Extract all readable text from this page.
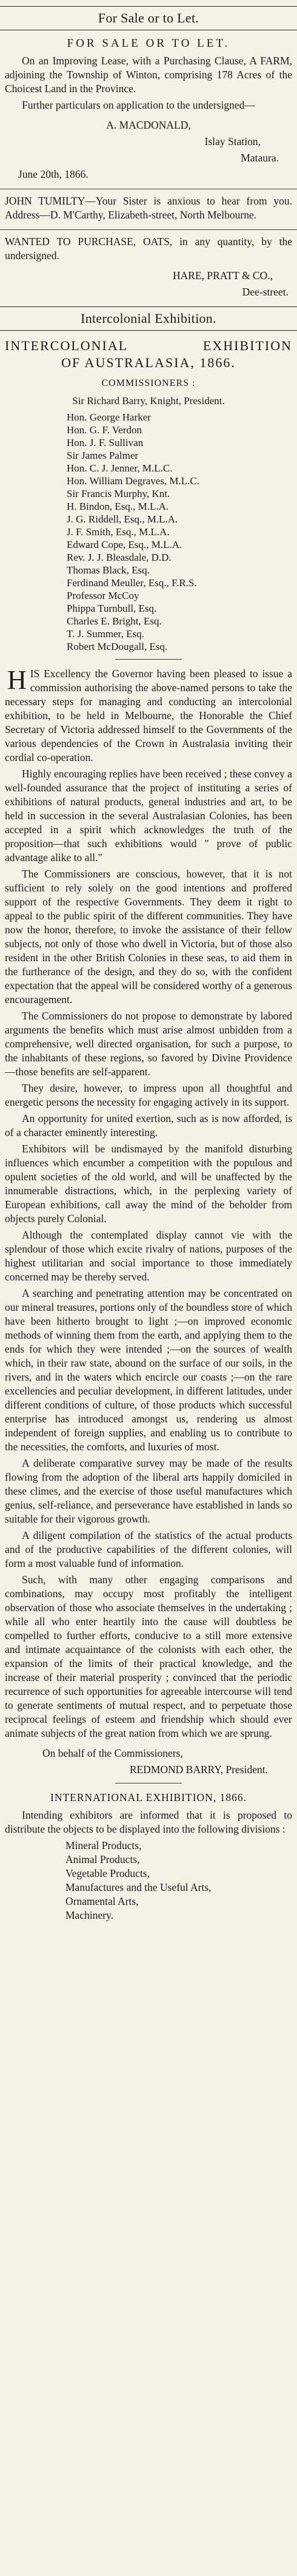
For Sale or to Let.

FOR SALE OR TO LET.

On an Improving Lease, with a Purchasing Clause, A FARM, adjoining the Township of Winton, comprising 178 Acres of the Choicest Land in the Province.

Further particulars on application to the undersigned—

A. MACDONALD,

Islay Station,

Mataura.

June 20th, 1866.

JOHN TUMILTY—Your Sister is anxious to hear from you. Address—D. M'Carthy, Elizabeth-street, North Melbourne.

WANTED TO PURCHASE, OATS, in any quantity, by the undersigned.

HARE, PRATT & CO.,

Dee-street.

Intercolonial Exhibition.
INTERCOLONIAL EXHIBITION
OF AUSTRALASIA, 1866.
COMMISSIONERS :
Sir Richard Barry, Knight, President.
Hon. George Harker
Hon. G. F. Verdon
Hon. J. F. Sullivan
Sir James Palmer
Hon. C. J. Jenner, M.L.C.
Hon. William Degraves, M.L.C.
Sir Francis Murphy, Knt.
H. Bindon, Esq., M.L.A.
J. G. Riddell, Esq., M.L.A.
J. F. Smith, Esq., M.L.A.
Edward Cope, Esq., M.L.A.
Rev. J. J. Bleasdale, D.D.
Thomas Black, Esq.
Ferdinand Meuller, Esq., F.R.S.
Professor McCoy
Phippa Turnbull, Esq.
Charles E. Bright, Esq.
T. J. Summer, Esq.
Robert McDougall, Esq.

HIS Excellency the Governor having been pleased to issue a commission authorising the above-named persons to take the necessary steps for managing and conducting an intercolonial exhibition, to be held in Melbourne, the Honorable the Chief Secretary of Victoria addressed himself to the Governments of the various dependencies of the Crown in Australasia inviting their cordial co-operation.

Highly encouraging replies have been received ; these convey a well-founded assurance that the project of instituting a series of exhibitions of natural products, general industries and art, to be held in succession in the several Australasian Colonies, has been accepted in a spirit which acknowledges the truth of the proposition—that such exhibitions would " prove of public advantage alike to all."

The Commissioners are conscious, however, that it is not sufficient to rely solely on the good intentions and proffered support of the respective Governments. They deem it right to appeal to the public spirit of the different communities. They have now the honor, therefore, to invoke the assistance of their fellow subjects, not only of those who dwell in Victoria, but of those also resident in the other British Colonies in these seas, to aid them in the furtherance of the design, and they do so, with the confident expectation that the appeal will be considered worthy of a generous encouragement.

The Commissioners do not propose to demonstrate by labored arguments the benefits which must arise almost unbidden from a comprehensive, well directed organisation, for such a purpose, to the inhabitants of these regions, so favored by Divine Providence—those benefits are self-apparent.

They desire, however, to impress upon all thoughtful and energetic persons the necessity for engaging actively in its support.

An opportunity for united exertion, such as is now afforded, is of a character eminently interesting.

Exhibitors will be undismayed by the manifold disturbing influences which encumber a competition with the populous and opulent societies of the old world, and will be unaffected by the innumerable distractions, which, in the perplexing variety of European exhibitions, call away the mind of the beholder from objects purely Colonial.

Although the contemplated display cannot vie with the splendour of those which excite rivalry of nations, purposes of the highest utilitarian and social importance to those immediately concerned may be thereby served.

A searching and penetrating attention may be concentrated on our mineral treasures, portions only of the boundless store of which have been hitherto brought to light ;—on improved economic methods of winning them from the earth, and applying them to the ends for which they were intended ;—on the sources of wealth which, in their raw state, abound on the surface of our soils, in the rivers, and in the waters which encircle our coasts ;—on the rare excellencies and peculiar development, in different latitudes, under different conditions of culture, of those products which successful enterprise has introduced amongst us, rendering us almost independent of foreign supplies, and enabling us to contribute to the necessities, the comforts, and luxuries of most.

A deliberate comparative survey may be made of the results flowing from the adoption of the liberal arts happily domiciled in these climes, and the exercise of those useful manufactures which genius, self-reliance, and perseverance have established in lands so suitable for their vigorous growth.

A diligent compilation of the statistics of the actual products and of the productive capabilities of the different colonies, will form a most valuable fund of information.

Such, with many other engaging comparisons and combinations, may occupy most profitably the intelligent observation of those who associate themselves in the undertaking ; while all who enter heartily into the cause will doubtless be compelled to further efforts, conducive to a still more extensive and intimate acquaintance of the colonists with each other, the expansion of the limits of their practical knowledge, and the increase of their material prosperity ; convinced that the periodic recurrence of such opportunities for agreeable intercourse will tend to generate sentiments of mutual respect, and to perpetuate those reciprocal feelings of esteem and friendship which should ever animate subjects of the great nation from which we are sprung.

On behalf of the Commissioners,

REDMOND BARRY, President.

INTERNATIONAL EXHIBITION, 1866.

Intending exhibitors are informed that it is proposed to distribute the objects to be displayed into the following divisions :

Mineral Products,
Animal Products,
Vegetable Products,
Manufactures and the Useful Arts,
Ornamental Arts,
Machinery.
